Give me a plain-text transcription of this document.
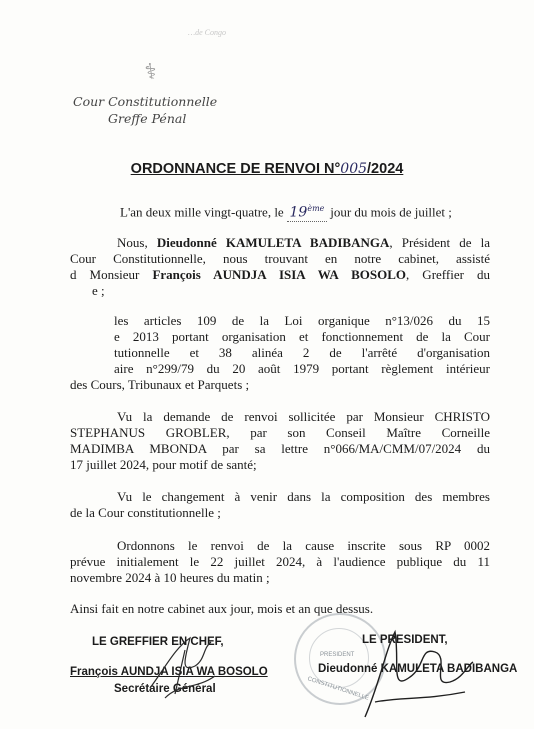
…de Congo
⚕
Cour Constitutionnelle
Greffe Pénal
ORDONNANCE DE RENVOI N°005/2024
L'an deux mille vingt-quatre, le 19ème jour du mois de juillet ;
Nous, Dieudonné KAMULETA BADIBANGA, Président de la
Cour Constitutionnelle, nous trouvant en notre cabinet, assisté
d Monsieur François AUNDJA ISIA WA BOSOLO, Greffier du
e ;
les articles 109 de la Loi organique n°13/026 du 15
e 2013 portant organisation et fonctionnement de la Cour
tutionnelle et 38 alinéa 2 de l'arrêté d'organisation
aire n°299/79 du 20 août 1979 portant règlement intérieur
des Cours, Tribunaux et Parquets ;
Vu la demande de renvoi sollicitée par Monsieur CHRISTO
STEPHANUS GROBLER, par son Conseil Maître Corneille
MADIMBA MBONDA par sa lettre n°066/MA/CMM/07/2024 du
17 juillet 2024, pour motif de santé;
Vu le changement à venir dans la composition des membres
de la Cour constitutionnelle ;
Ordonnons le renvoi de la cause inscrite sous RP 0002
prévue initialement le 22 juillet 2024, à l'audience publique du 11
novembre 2024 à 10 heures du matin ;
Ainsi fait en notre cabinet aux jour, mois et an que dessus.
PRESIDENT
CONSTITUTIONNELLE
LE GREFFIER EN CHEF,
François AUNDJA ISIA WA BOSOLO
Secrétaire Général
LE PRESIDENT,
Dieudonné KAMULETA BADIBANGA
